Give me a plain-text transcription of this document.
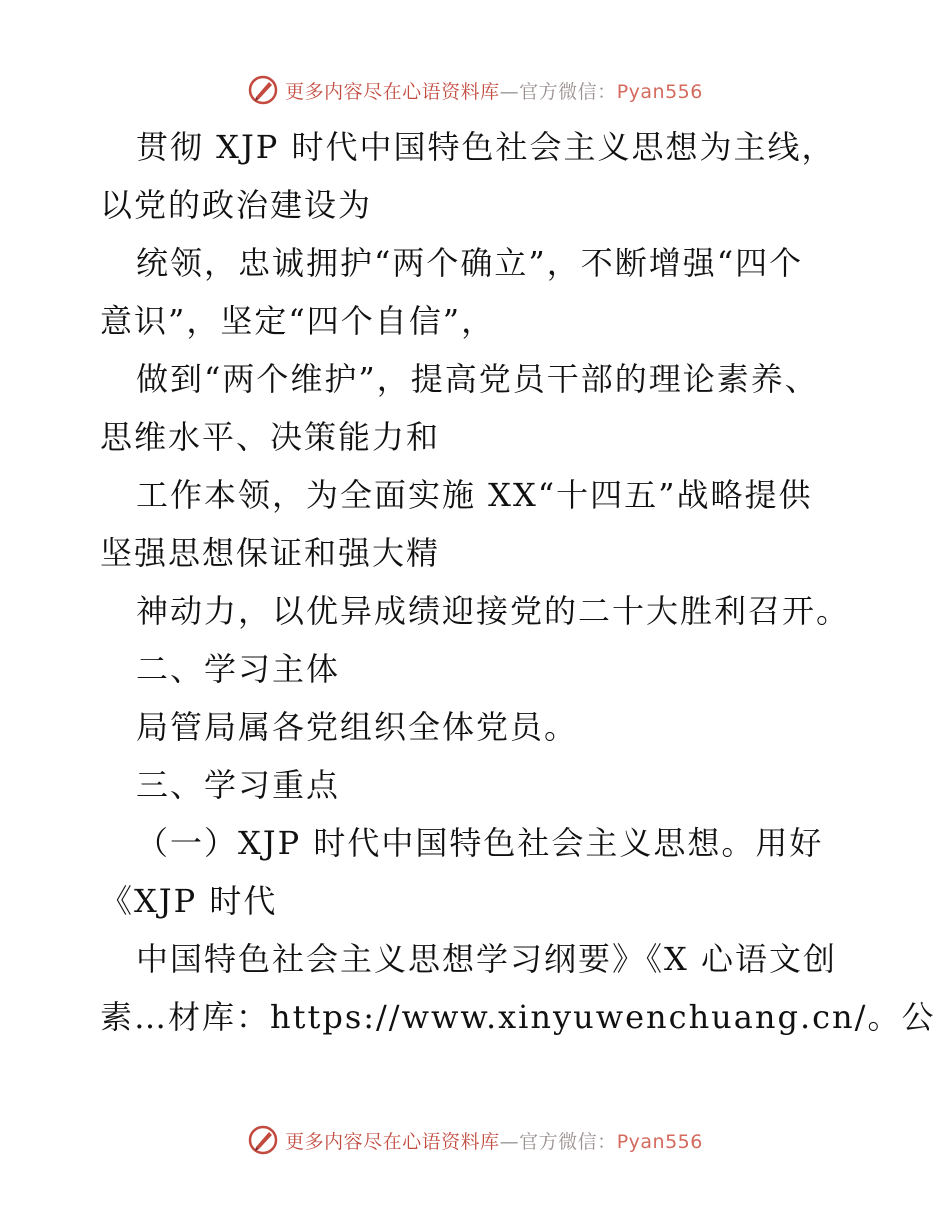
更多内容尽在心语资料库—官方微信：Pyan556
贯彻 XJP 时代中国特色社会主义思想为主线，
以党的政治建设为
统领，忠诚拥护“两个确立”，不断增强“四个
意识”，坚定“四个自信”，
做到“两个维护”，提高党员干部的理论素养、
思维水平、决策能力和
工作本领，为全面实施 XX“十四五”战略提供
坚强思想保证和强大精
神动力，以优异成绩迎接党的二十大胜利召开。
二、学习主体
局管局属各党组织全体党员。
三、学习重点
（一）XJP 时代中国特色社会主义思想。用好
《XJP 时代
中国特色社会主义思想学习纲要》《X 心语文创
素…材库：https://www.xinyuwenchuang.cn/。公
更多内容尽在心语资料库—官方微信：Pyan556
